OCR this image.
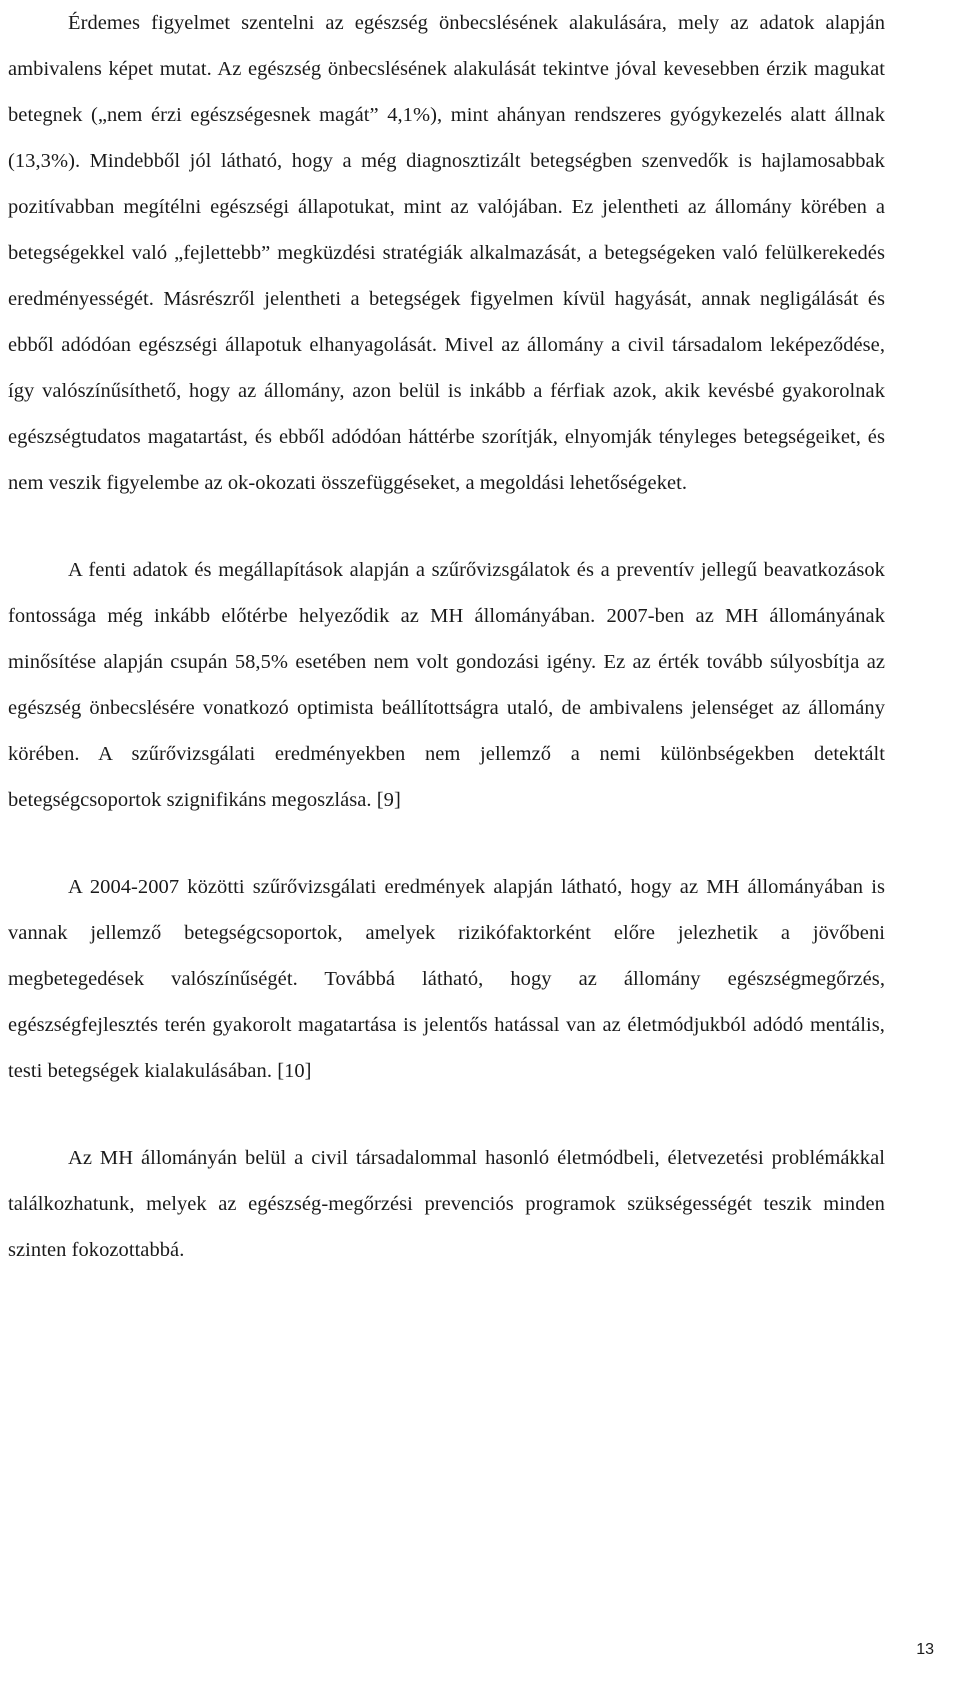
Érdemes figyelmet szentelni az egészség önbecslésének alakulására, mely az adatok alapján ambivalens képet mutat. Az egészség önbecslésének alakulását tekintve jóval kevesebben érzik magukat betegnek („nem érzi egészségesnek magát” 4,1%), mint ahányan rendszeres gyógykezelés alatt állnak (13,3%). Mindebből jól látható, hogy a még diagnosztizált betegségben szenvedők is hajlamosabbak pozitívabban megítélni egészségi állapotukat, mint az valójában. Ez jelentheti az állomány körében a betegségekkel való „fejlettebb” megküzdési stratégiák alkalmazását, a betegségeken való felülkerekedés eredményességét. Másrészről jelentheti a betegségek figyelmen kívül hagyását, annak negligálását és ebből adódóan egészségi állapotuk elhanyagolását. Mivel az állomány a civil társadalom leképeződése, így valószínűsíthető, hogy az állomány, azon belül is inkább a férfiak azok, akik kevésbé gyakorolnak egészségtudatos magatartást, és ebből adódóan háttérbe szorítják, elnyomják tényleges betegségeiket, és nem veszik figyelembe az ok-okozati összefüggéseket, a megoldási lehetőségeket.

A fenti adatok és megállapítások alapján a szűrővizsgálatok és a preventív jellegű beavatkozások fontossága még inkább előtérbe helyeződik az MH állományában. 2007-ben az MH állományának minősítése alapján csupán 58,5% esetében nem volt gondozási igény. Ez az érték tovább súlyosbítja az egészség önbecslésére vonatkozó optimista beállítottságra utaló, de ambivalens jelenséget az állomány körében. A szűrővizsgálati eredményekben nem jellemző a nemi különbségekben detektált betegségcsoportok szignifikáns megoszlása. [9]

A 2004-2007 közötti szűrővizsgálati eredmények alapján látható, hogy az MH állományában is vannak jellemző betegségcsoportok, amelyek rizikófaktorként előre jelezhetik a jövőbeni megbetegedések valószínűségét. Továbbá látható, hogy az állomány egészségmegőrzés, egészségfejlesztés terén gyakorolt magatartása is jelentős hatással van az életmódjukból adódó mentális, testi betegségek kialakulásában. [10]

Az MH állományán belül a civil társadalommal hasonló életmódbeli, életvezetési problémákkal találkozhatunk, melyek az egészség-megőrzési prevenciós programok szükségességét teszik minden szinten fokozottabbá.

13
